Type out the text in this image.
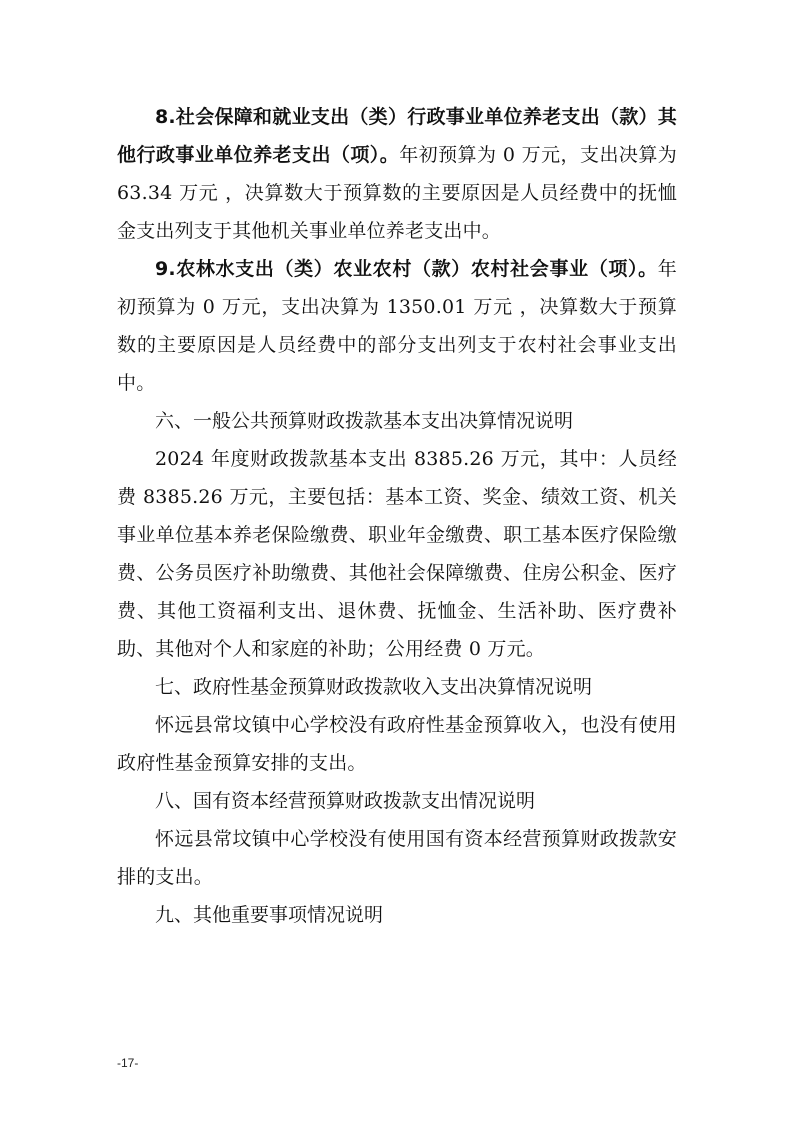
8.社会保障和就业支出（类）行政事业单位养老支出（款）其他行政事业单位养老支出（项）。年初预算为 0 万元，支出决算为 63.34 万元 ，决算数大于预算数的主要原因是人员经费中的抚恤金支出列支于其他机关事业单位养老支出中。

9.农林水支出（类）农业农村（款）农村社会事业（项）。年初预算为 0 万元，支出决算为 1350.01 万元 ，决算数大于预算数的主要原因是人员经费中的部分支出列支于农村社会事业支出中。

六、一般公共预算财政拨款基本支出决算情况说明

2024 年度财政拨款基本支出 8385.26 万元，其中：人员经费 8385.26 万元，主要包括：基本工资、奖金、绩效工资、机关事业单位基本养老保险缴费、职业年金缴费、职工基本医疗保险缴费、公务员医疗补助缴费、其他社会保障缴费、住房公积金、医疗费、其他工资福利支出、退休费、抚恤金、生活补助、医疗费补助、其他对个人和家庭的补助；公用经费 0 万元。

七、政府性基金预算财政拨款收入支出决算情况说明

怀远县常坟镇中心学校没有政府性基金预算收入，也没有使用政府性基金预算安排的支出。

八、国有资本经营预算财政拨款支出情况说明

怀远县常坟镇中心学校没有使用国有资本经营预算财政拨款安排的支出。

九、其他重要事项情况说明
-17-
